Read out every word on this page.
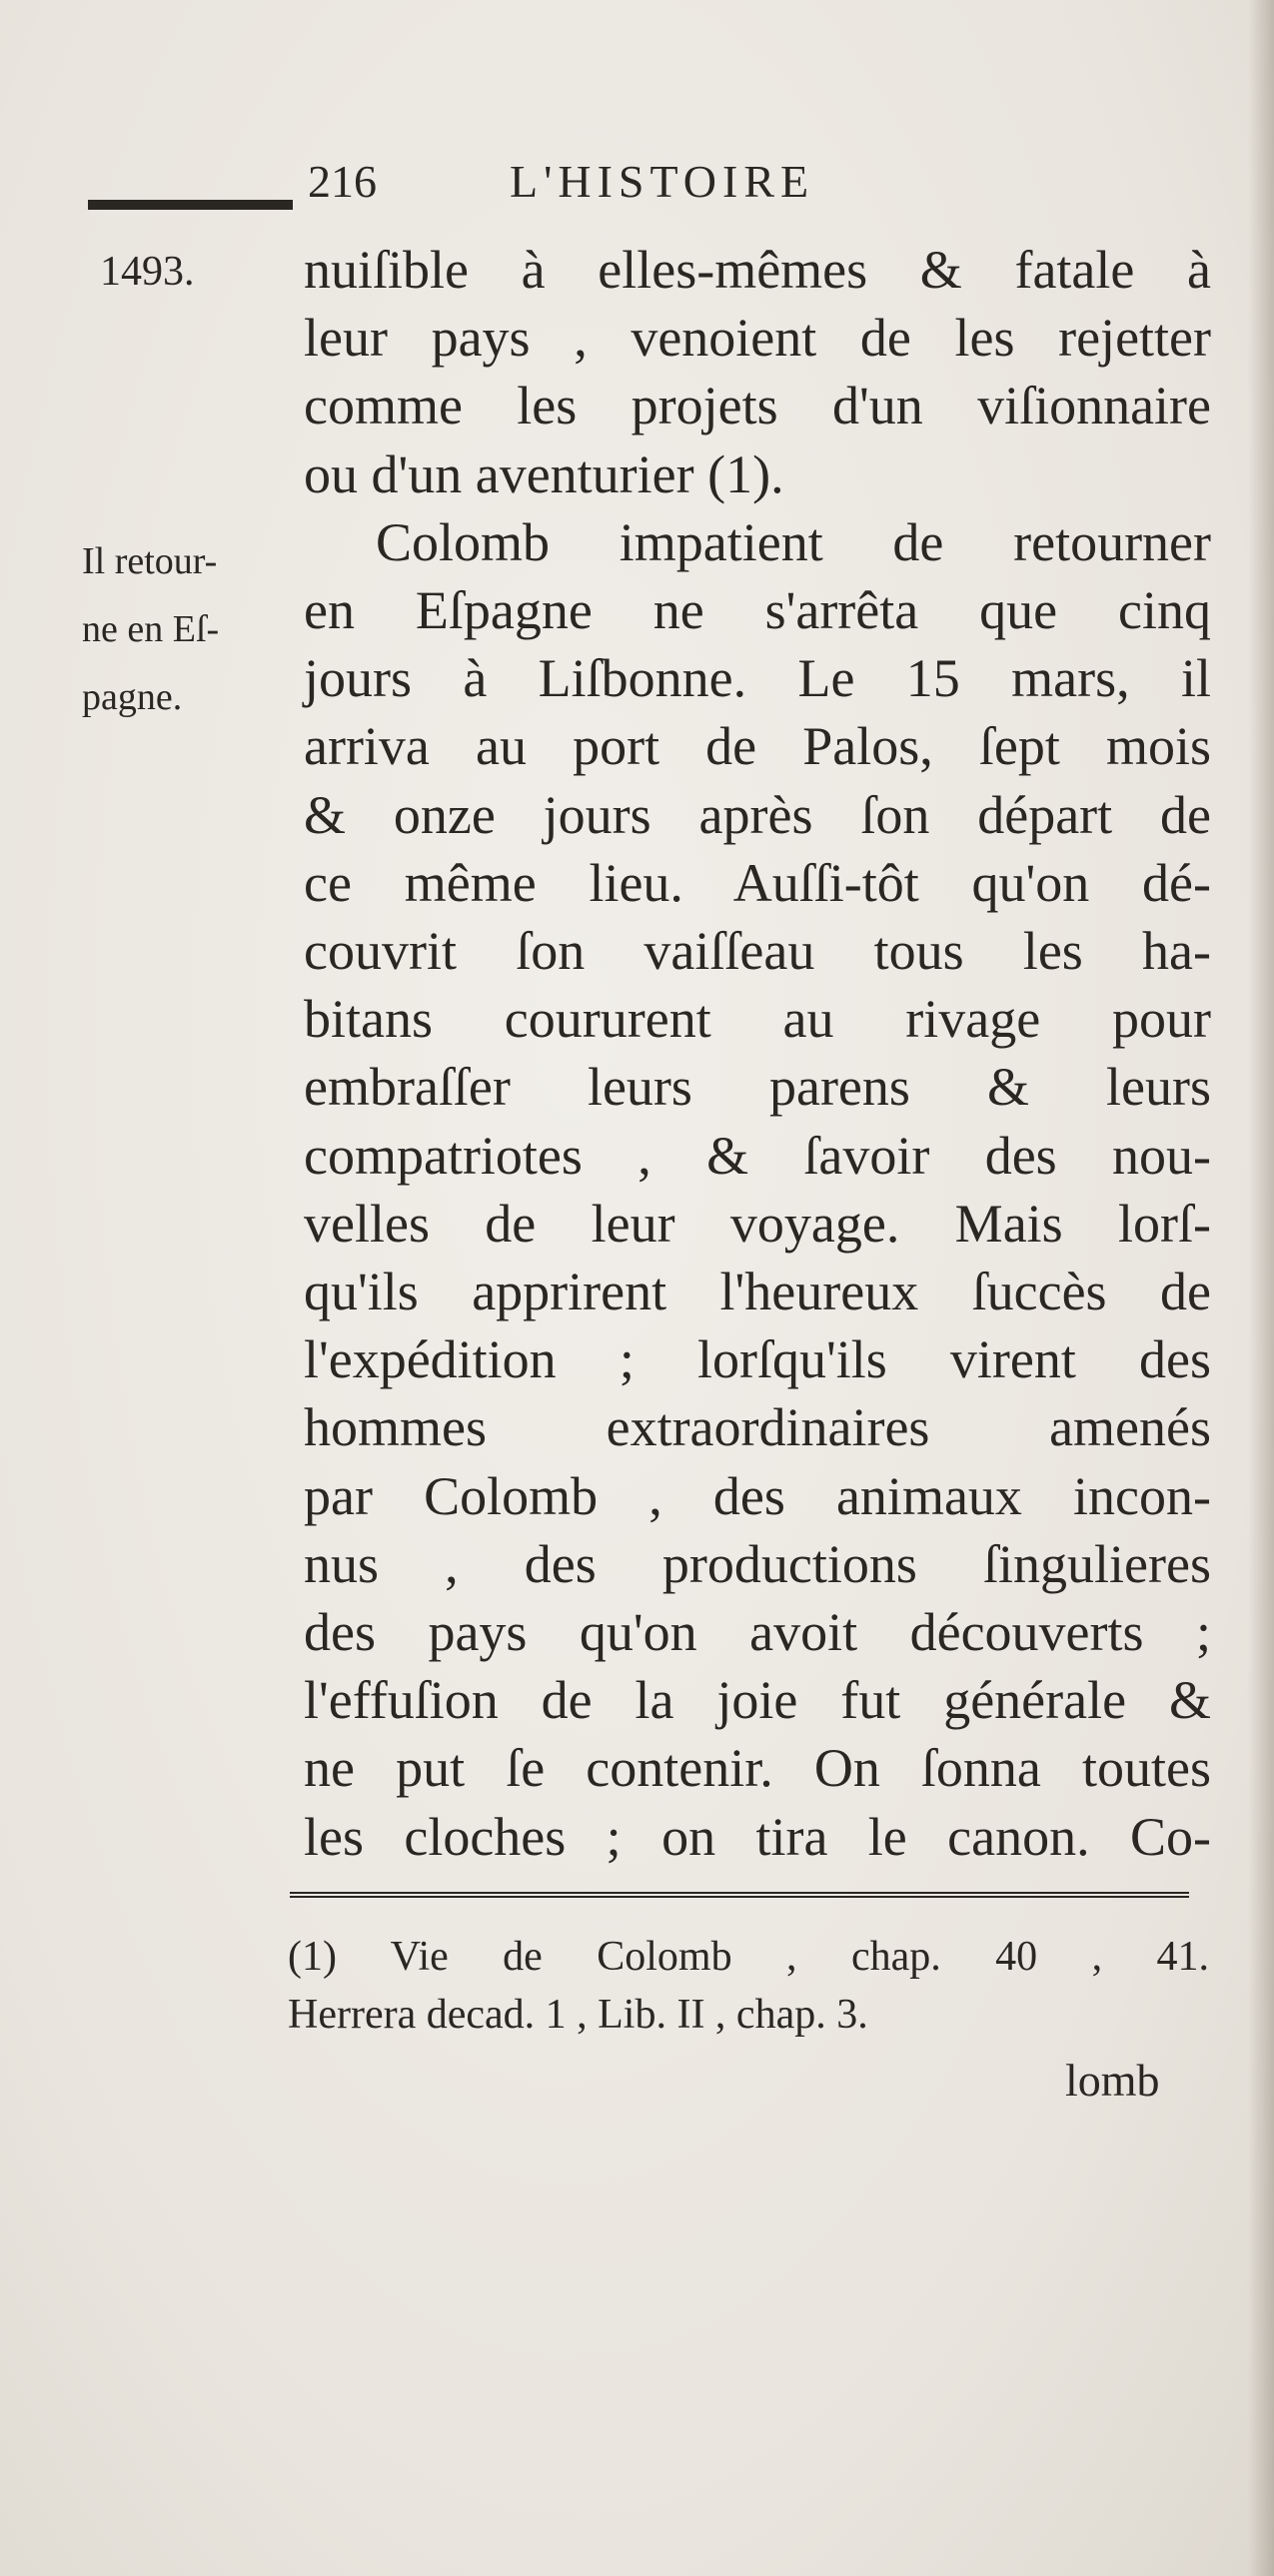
216	L'HISTOIRE
1493.
Il retour-
ne en Eſ-
pagne.
nuiſible à elles-mêmes & fatale à
leur pays , venoient de les rejetter
comme les projets d'un viſionnaire
ou d'un aventurier (1).
Colomb impatient de retourner
en Eſpagne ne s'arrêta que cinq
jours à Liſbonne. Le 15 mars, il
arriva au port de Palos, ſept mois
& onze jours après ſon départ de
ce même lieu. Auſſi-tôt qu'on dé-
couvrit ſon vaiſſeau tous les ha-
bitans coururent au rivage pour
embraſſer leurs parens & leurs
compatriotes , & ſavoir des nou-
velles de leur voyage. Mais lorſ-
qu'ils apprirent l'heureux ſuccès de
l'expédition ; lorſqu'ils virent des
hommes extraordinaires amenés
par Colomb , des animaux incon-
nus , des productions ſingulieres
des pays qu'on avoit découverts ;
l'effuſion de la joie fut générale &
ne put ſe contenir. On ſonna toutes
les cloches ; on tira le canon. Co-
(1) Vie de Colomb , chap. 40 , 41.
Herrera decad. 1 , Lib. II , chap. 3.
lomb
